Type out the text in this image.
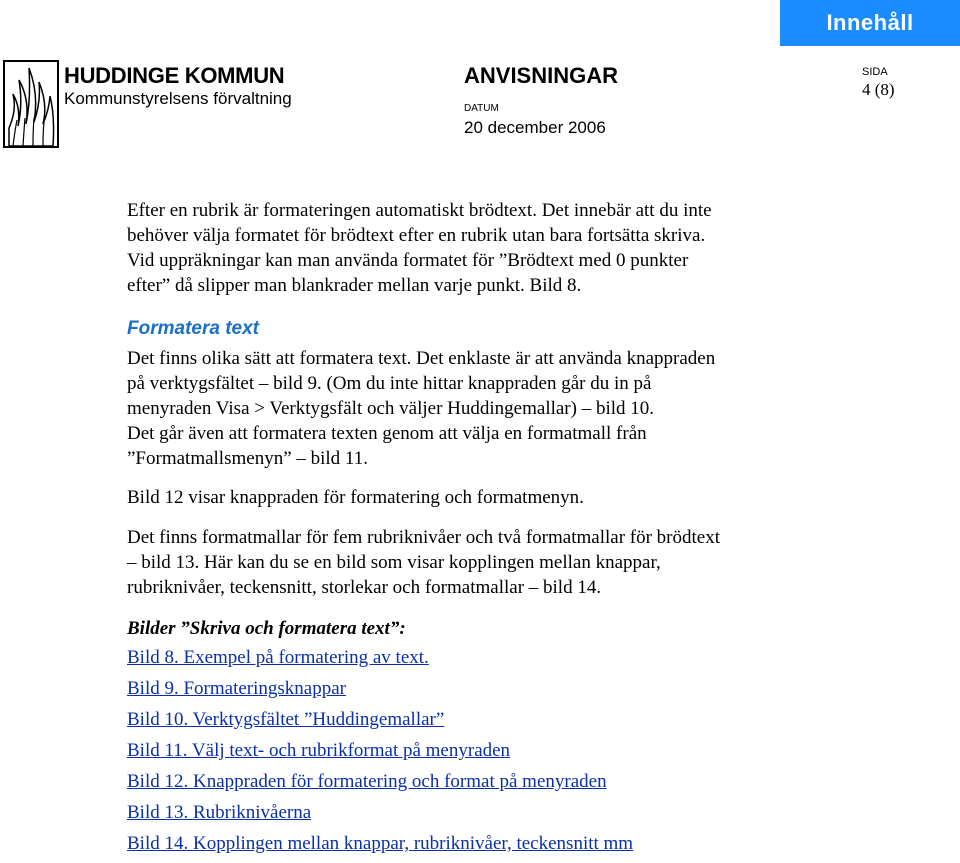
Innehåll
HUDDINGE KOMMUN
Kommunstyrelsens förvaltning
ANVISNINGAR
DATUM
20 december 2006
SIDA
4 (8)

Efter en rubrik är formateringen automatiskt brödtext. Det innebär att du inte
behöver välja formatet för brödtext efter en rubrik utan bara fortsätta skriva.
Vid uppräkningar kan man använda formatet för ”Brödtext med 0 punkter
efter” då slipper man blankrader mellan varje punkt. Bild 8.

Formatera text

Det finns olika sätt att formatera text. Det enklaste är att använda knappraden
på verktygsfältet – bild 9. (Om du inte hittar knappraden går du in på
menyraden Visa > Verktygsfält och väljer Huddingemallar) – bild 10.
Det går även att formatera texten genom att välja en formatmall från
”Formatmallsmenyn” – bild 11.

Bild 12 visar knappraden för formatering och formatmenyn.

Det finns formatmallar för fem rubriknivåer och två formatmallar för brödtext
– bild 13. Här kan du se en bild som visar kopplingen mellan knappar,
rubriknivåer, teckensnitt, storlekar och formatmallar – bild 14.

Bilder ”Skriva och formatera text”:

Bild 8. Exempel på formatering av text.
Bild 9. Formateringsknappar
Bild 10. Verktygsfältet ”Huddingemallar”
Bild 11. Välj text- och rubrikformat på menyraden
Bild 12. Knappraden för formatering och format på menyraden
Bild 13. Rubriknivåerna
Bild 14. Kopplingen mellan knappar, rubriknivåer, teckensnitt mm
